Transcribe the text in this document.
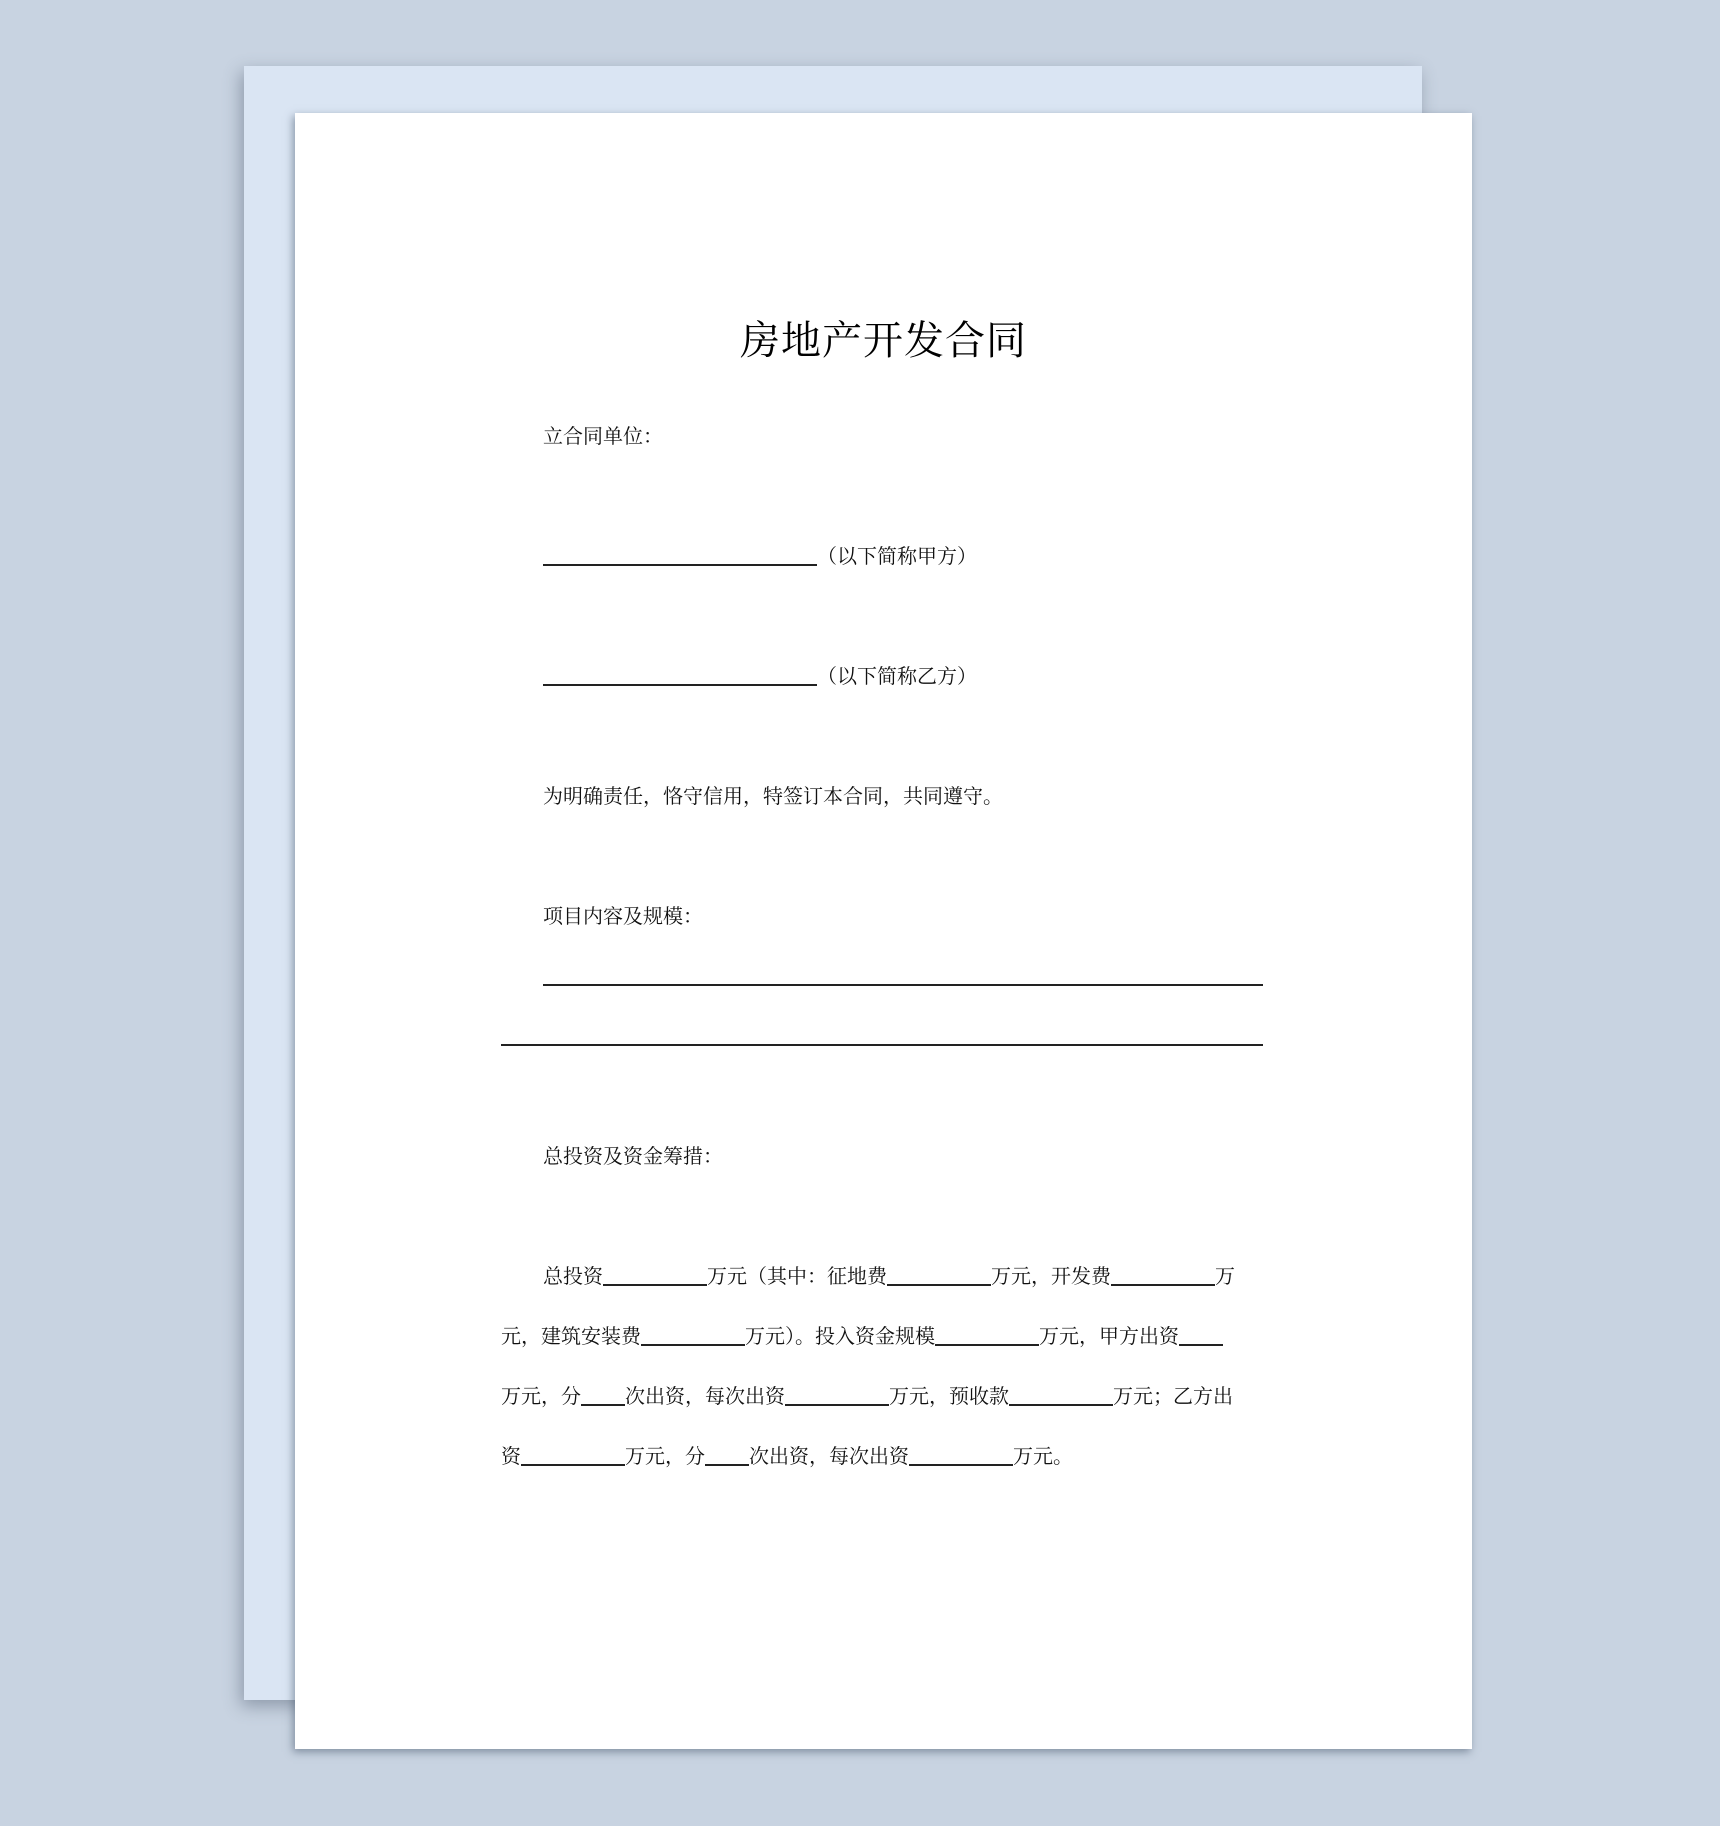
房地产开发合同
立合同单位：
（以下简称甲方）
（以下简称乙方）
为明确责任，恪守信用，特签订本合同，共同遵守。
项目内容及规模：
总投资及资金筹措：
总投资	万元（其中：征地费	万元，开发费	万
元，建筑安装费	万元）。投入资金规模	万元，甲方出资
万元，分 次出资，每次出资	万元，预收款	万元；乙方出
资	万元，分 次出资，每次出资	万元。
